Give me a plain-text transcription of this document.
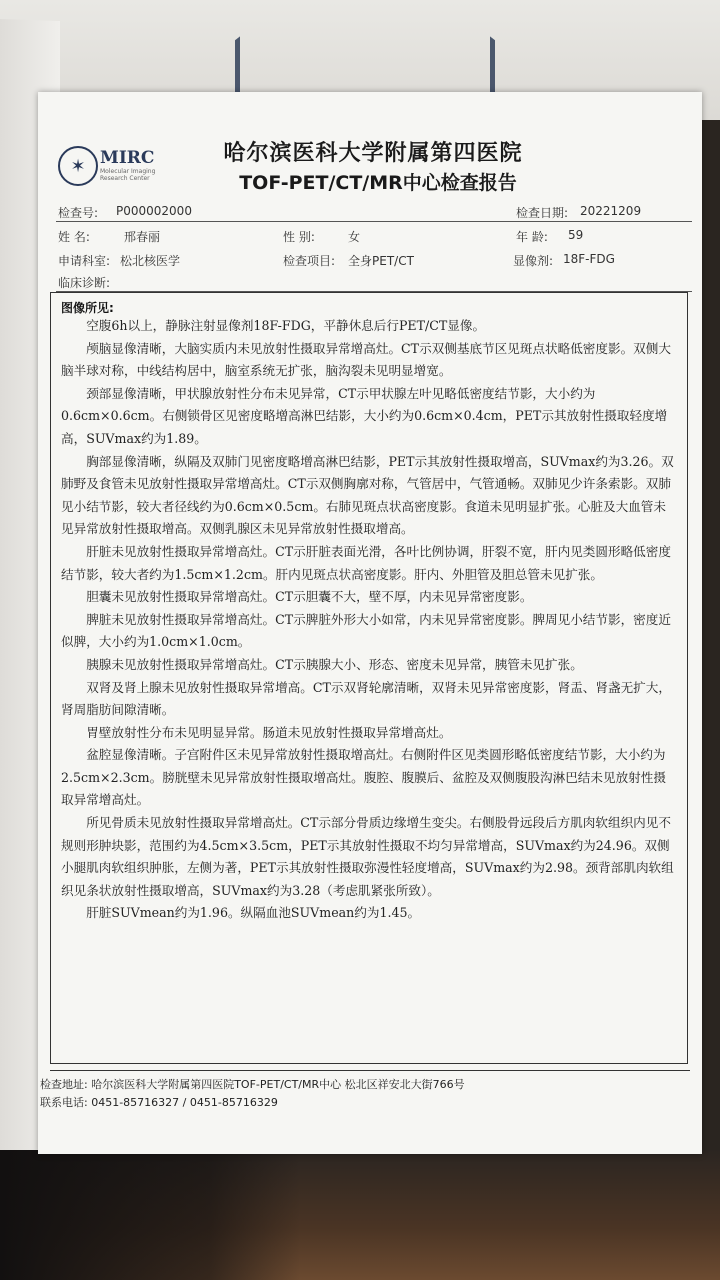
✶ MIRC
Molecular Imaging Research Center
哈尔滨医科大学附属第四医院
TOF-PET/CT/MR中心检查报告
检查号: P000002000	检查日期: 20221209
姓 名:	邢春丽	性 别:	女	年 龄: 59
申请科室: 松北核医学	检查项目: 全身PET/CT	显像剂: 18F-FDG
临床诊断:
图像所见:

空腹6h以上，静脉注射显像剂18F-FDG，平静休息后行PET/CT显像。

颅脑显像清晰，大脑实质内未见放射性摄取异常增高灶。CT示双侧基底节区见斑点状略低密度影。双侧大脑半球对称，中线结构居中，脑室系统无扩张，脑沟裂未见明显增宽。

颈部显像清晰，甲状腺放射性分布未见异常，CT示甲状腺左叶见略低密度结节影，大小约为0.6cm×0.6cm。右侧锁骨区见密度略增高淋巴结影，大小约为0.6cm×0.4cm，PET示其放射性摄取轻度增高，SUVmax约为1.89。

胸部显像清晰，纵隔及双肺门见密度略增高淋巴结影，PET示其放射性摄取增高，SUVmax约为3.26。双肺野及食管未见放射性摄取异常增高灶。CT示双侧胸廓对称，气管居中，气管通畅。双肺见少许条索影。双肺见小结节影，较大者径线约为0.6cm×0.5cm。右肺见斑点状高密度影。食道未见明显扩张。心脏及大血管未见异常放射性摄取增高。双侧乳腺区未见异常放射性摄取增高。

肝脏未见放射性摄取异常增高灶。CT示肝脏表面光滑，各叶比例协调，肝裂不宽，肝内见类圆形略低密度结节影，较大者约为1.5cm×1.2cm。肝内见斑点状高密度影。肝内、外胆管及胆总管未见扩张。

胆囊未见放射性摄取异常增高灶。CT示胆囊不大，壁不厚，内未见异常密度影。

脾脏未见放射性摄取异常增高灶。CT示脾脏外形大小如常，内未见异常密度影。脾周见小结节影，密度近似脾，大小约为1.0cm×1.0cm。

胰腺未见放射性摄取异常增高灶。CT示胰腺大小、形态、密度未见异常，胰管未见扩张。

双肾及肾上腺未见放射性摄取异常增高。CT示双肾轮廓清晰，双肾未见异常密度影，肾盂、肾盏无扩大，肾周脂肪间隙清晰。

胃壁放射性分布未见明显异常。肠道未见放射性摄取异常增高灶。

盆腔显像清晰。子宫附件区未见异常放射性摄取增高灶。右侧附件区见类圆形略低密度结节影，大小约为2.5cm×2.3cm。膀胱壁未见异常放射性摄取增高灶。腹腔、腹膜后、盆腔及双侧腹股沟淋巴结未见放射性摄取异常增高灶。

所见骨质未见放射性摄取异常增高灶。CT示部分骨质边缘增生变尖。右侧股骨远段后方肌肉软组织内见不规则形肿块影，范围约为4.5cm×3.5cm，PET示其放射性摄取不均匀异常增高，SUVmax约为24.96。双侧小腿肌肉软组织肿胀，左侧为著，PET示其放射性摄取弥漫性轻度增高，SUVmax约为2.98。颈背部肌肉软组织见条状放射性摄取增高，SUVmax约为3.28（考虑肌紧张所致）。

肝脏SUVmean约为1.96。纵隔血池SUVmean约为1.45。

检查地址: 哈尔滨医科大学附属第四医院TOF-PET/CT/MR中心 松北区祥安北大街766号
联系电话: 0451-85716327 / 0451-85716329
